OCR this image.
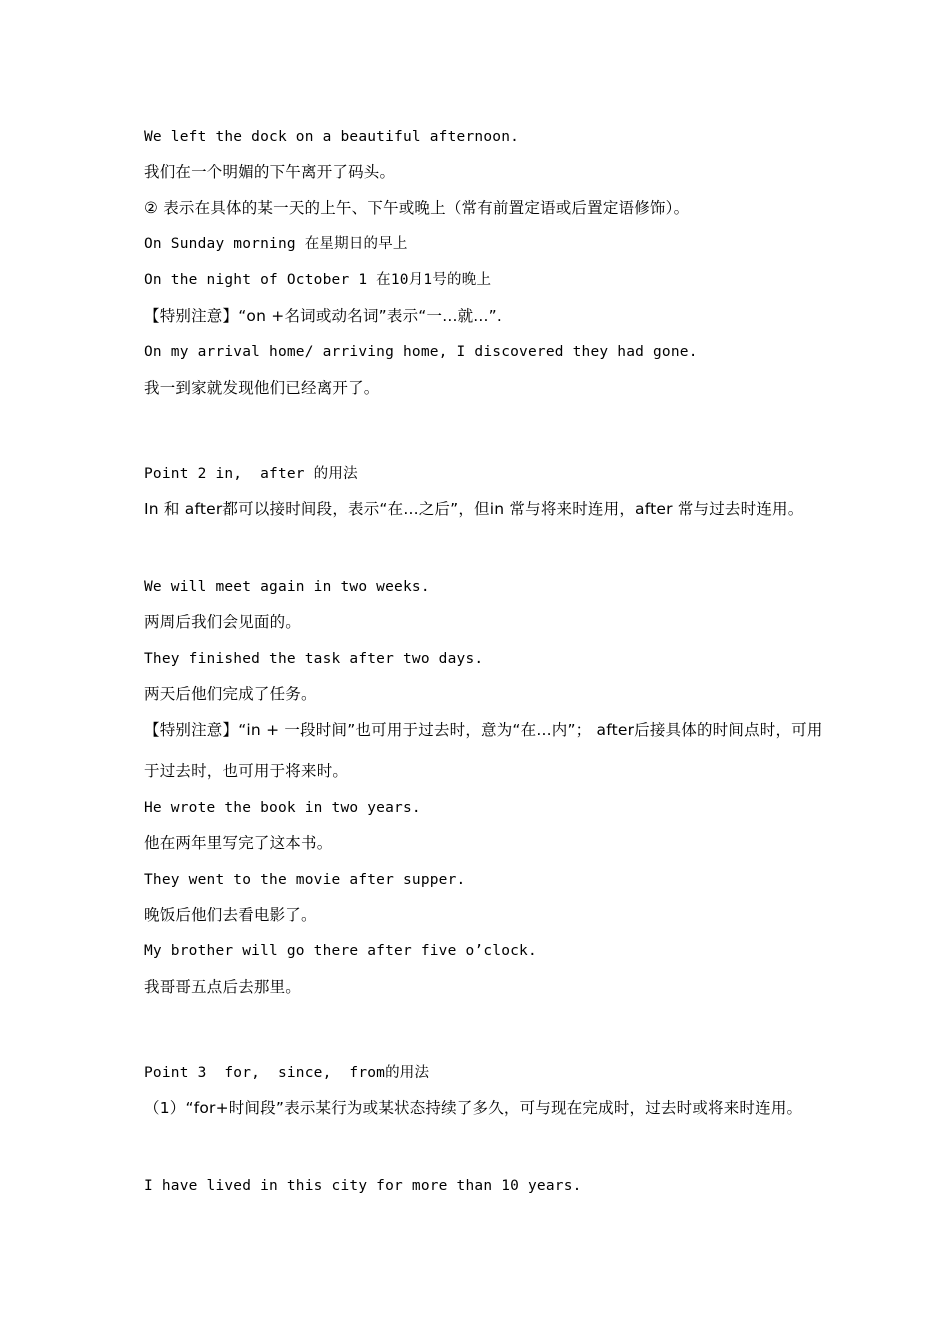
We left the dock on a beautiful afternoon.
我们在一个明媚的下午离开了码头。
② 表示在具体的某一天的上午、下午或晚上（常有前置定语或后置定语修饰）。
On Sunday morning 在星期日的早上
On the night of October 1 在10月1号的晚上
【特别注意】“on +名词或动名词”表示“一...就...”.
On my arrival home/ arriving home, I discovered they had gone.
我一到家就发现他们已经离开了。
Point 2 in,  after 的用法
In 和 after都可以接时间段，表示“在...之后”，但in 常与将来时连用，after 常与过去时连用。
We will meet again in two weeks.
两周后我们会见面的。
They finished the task after two days.
两天后他们完成了任务。
【特别注意】“in + 一段时间”也可用于过去时，意为“在...内”； after后接具体的时间点时，可用于过去时，也可用于将来时。
He wrote the book in two years.
他在两年里写完了这本书。
They went to the movie after supper.
晚饭后他们去看电影了。
My brother will go there after five o’clock.
我哥哥五点后去那里。
Point 3  for,  since,  from的用法
（1）“for+时间段”表示某行为或某状态持续了多久，可与现在完成时，过去时或将来时连用。
I have lived in this city for more than 10 years.
